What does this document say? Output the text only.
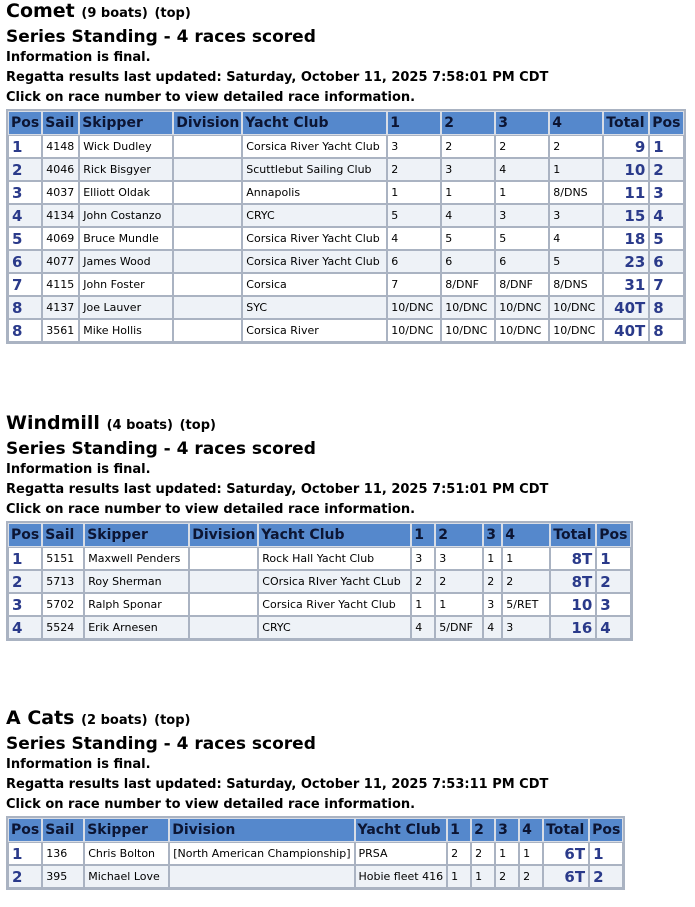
Comet (9 boats) (top)
Series Standing - 4 races scored
Information is final.
Regatta results last updated: Saturday, October 11, 2025 7:58:01 PM CDT
Click on race number to view detailed race information.
Pos	Sail	Skipper	Division	Yacht Club	1	2	3	4	Total	Pos
1	4148	Wick Dudley		Corsica River Yacht Club	3	2	2	2	9	1
2	4046	Rick Bisgyer		Scuttlebut Sailing Club	2	3	4	1	10	2
3	4037	Elliott Oldak		Annapolis	1	1	1	8/DNS	11	3
4	4134	John Costanzo		CRYC	5	4	3	3	15	4
5	4069	Bruce Mundle		Corsica River Yacht Club	4	5	5	4	18	5
6	4077	James Wood		Corsica River Yacht Club	6	6	6	5	23	6
7	4115	John Foster		Corsica	7	8/DNF	8/DNF	8/DNS	31	7
8	4137	Joe Lauver		SYC	10/DNC	10/DNC	10/DNC	10/DNC	40T	8
8	3561	Mike Hollis		Corsica River	10/DNC	10/DNC	10/DNC	10/DNC	40T	8
Windmill (4 boats) (top)
Series Standing - 4 races scored
Information is final.
Regatta results last updated: Saturday, October 11, 2025 7:51:01 PM CDT
Click on race number to view detailed race information.
Pos	Sail	Skipper	Division	Yacht Club	1	2	3	4	Total	Pos
1	5151	Maxwell Penders		Rock Hall Yacht Club	3	3	1	1	8T	1
2	5713	Roy Sherman		COrsica RIver Yacht CLub	2	2	2	2	8T	2
3	5702	Ralph Sponar		Corsica River Yacht Club	1	1	3	5/RET	10	3
4	5524	Erik Arnesen		CRYC	4	5/DNF	4	3	16	4
A Cats (2 boats) (top)
Series Standing - 4 races scored
Information is final.
Regatta results last updated: Saturday, October 11, 2025 7:53:11 PM CDT
Click on race number to view detailed race information.
Pos	Sail	Skipper	Division	Yacht Club	1	2	3	4	Total	Pos
1	136	Chris Bolton	[North American Championship]	PRSA	2	2	1	1	6T	1
2	395	Michael Love		Hobie fleet 416	1	1	2	2	6T	2
